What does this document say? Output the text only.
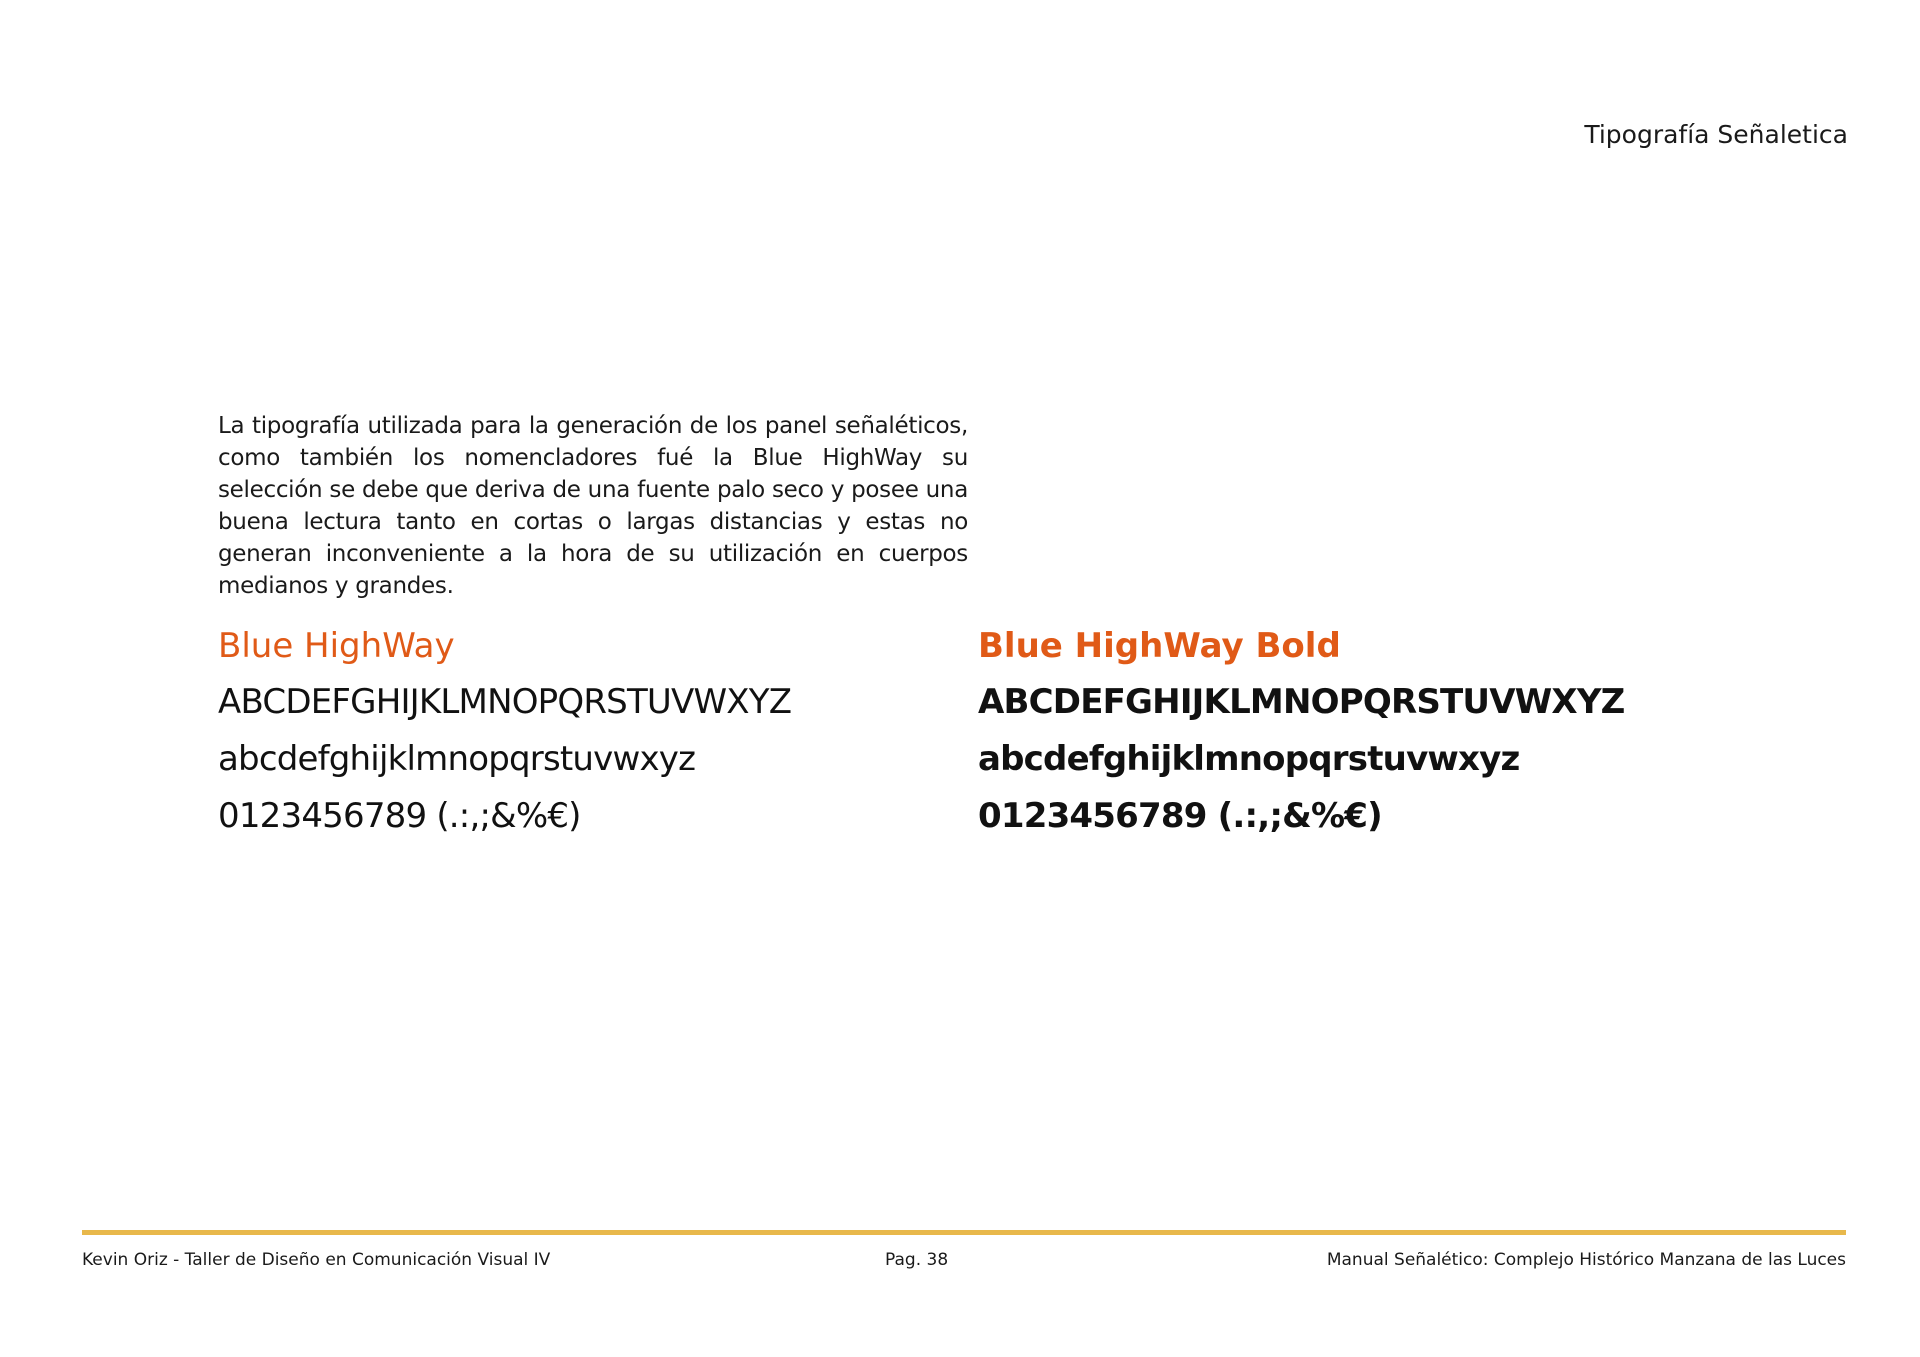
Tipografía Señaletica

La tipografía utilizada para la generación de los panel señaléticos, como también los nomencladores fué la Blue HighWay su selección se debe que deriva de una fuente palo seco y posee una buena lectura tanto en cortas o largas distancias y estas no generan inconveniente a la hora de su utilización en cuerpos medianos y grandes.

Blue HighWay
ABCDEFGHIJKLMNOPQRSTUVWXYZ
abcdefghijklmnopqrstuvwxyz
0123456789 (.:,;&%€)
Blue HighWay Bold
ABCDEFGHIJKLMNOPQRSTUVWXYZ
abcdefghijklmnopqrstuvwxyz
0123456789 (.:,;&%€)
Kevin Oriz - Taller de Diseño en Comunicación Visual IV	Pag. 38	Manual Señalético: Complejo Histórico Manzana de las Luces
